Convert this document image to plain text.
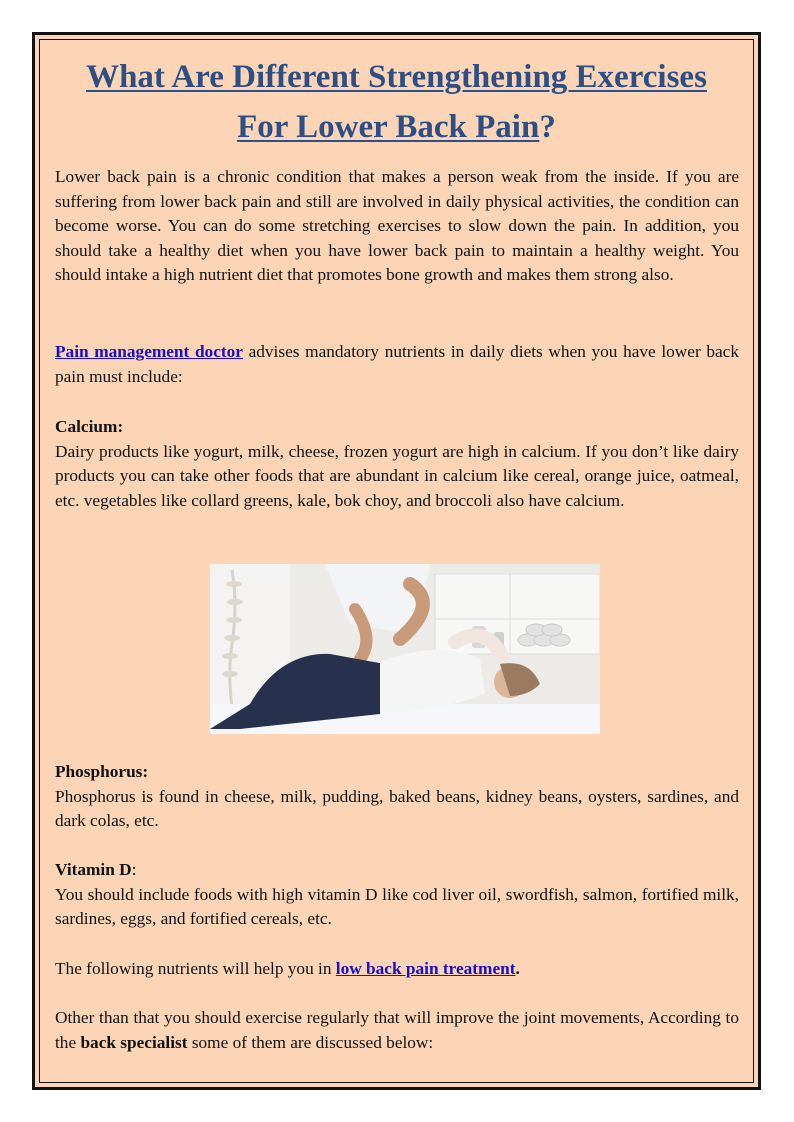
What Are Different Strengthening Exercises
For Lower Back Pain?

Lower back pain is a chronic condition that makes a person weak from the inside. If you are suffering from lower back pain and still are involved in daily physical activities, the condition can become worse. You can do some stretching exercises to slow down the pain. In addition, you should take a healthy diet when you have lower back pain to maintain a healthy weight. You should intake a high nutrient diet that promotes bone growth and makes them strong also.

Pain management doctor advises mandatory nutrients in daily diets when you have lower back pain must include:

Calcium:
Dairy products like yogurt, milk, cheese, frozen yogurt are high in calcium. If you don’t like dairy products you can take other foods that are abundant in calcium like cereal, orange juice, oatmeal, etc. vegetables like collard greens, kale, bok choy, and broccoli also have calcium.

Phosphorus:
Phosphorus is found in cheese, milk, pudding, baked beans, kidney beans, oysters, sardines, and dark colas, etc.

Vitamin D:
You should include foods with high vitamin D like cod liver oil, swordfish, salmon, fortified milk, sardines, eggs, and fortified cereals, etc.

The following nutrients will help you in low back pain treatment.

Other than that you should exercise regularly that will improve the joint movements, According to the back specialist some of them are discussed below:
